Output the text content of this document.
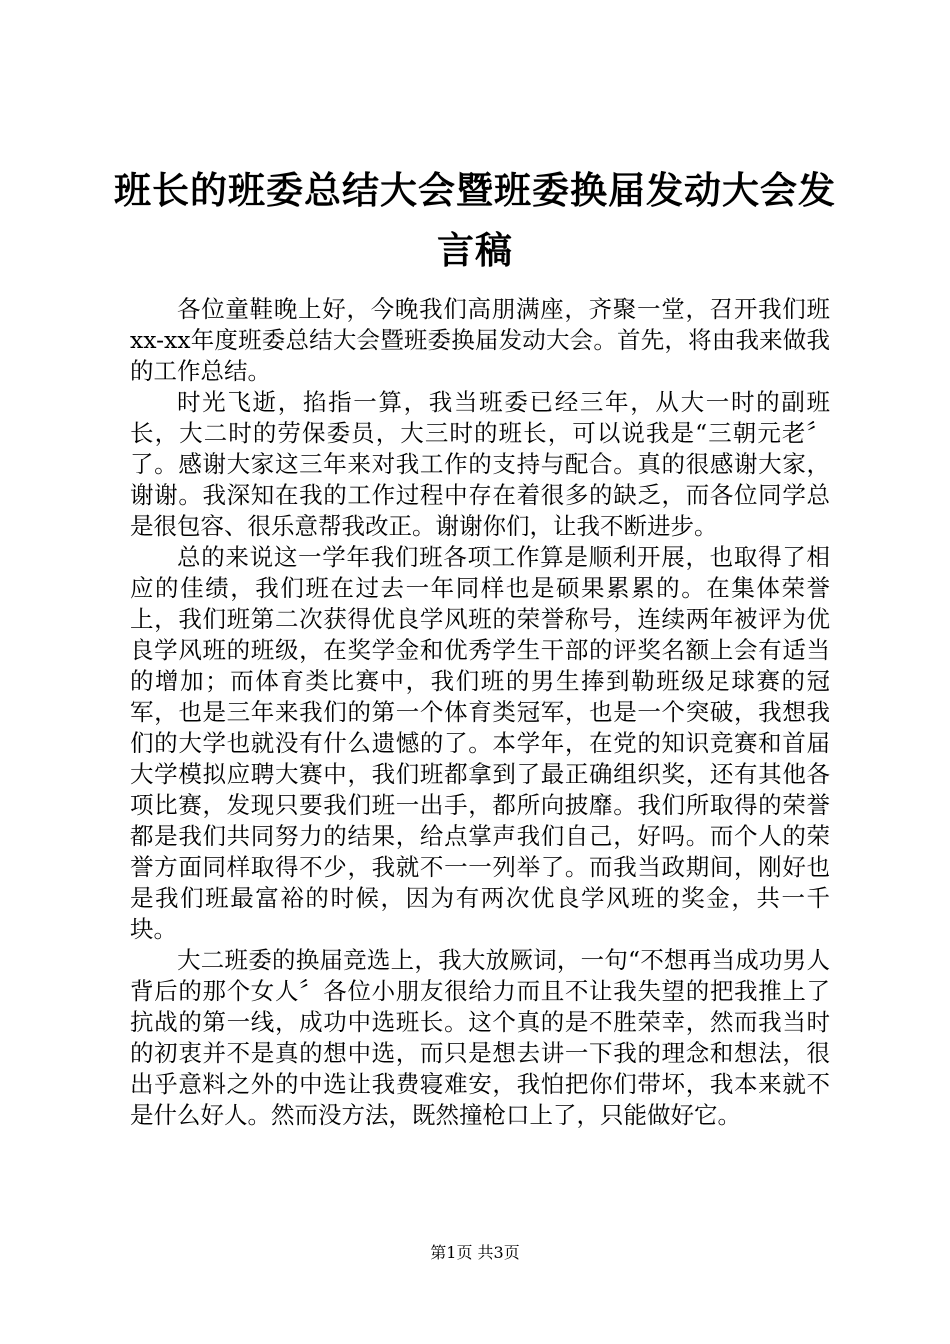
班长的班委总结大会暨班委换届发动大会发言稿

各位童鞋晚上好，今晚我们高朋满座，齐聚一堂，召开我们班xx-xx年度班委总结大会暨班委换届发动大会。首先，将由我来做我的工作总结。

时光飞逝，掐指一算，我当班委已经三年，从大一时的副班长，大二时的劳保委员，大三时的班长，可以说我是“三朝元老〞了。感谢大家这三年来对我工作的支持与配合。真的很感谢大家，谢谢。我深知在我的工作过程中存在着很多的缺乏，而各位同学总是很包容、很乐意帮我改正。谢谢你们，让我不断进步。

总的来说这一学年我们班各项工作算是顺利开展，也取得了相应的佳绩，我们班在过去一年同样也是硕果累累的。在集体荣誉上，我们班第二次获得优良学风班的荣誉称号，连续两年被评为优良学风班的班级，在奖学金和优秀学生干部的评奖名额上会有适当的增加；而体育类比赛中，我们班的男生捧到勒班级足球赛的冠军，也是三年来我们的第一个体育类冠军，也是一个突破，我想我们的大学也就没有什么遗憾的了。本学年，在党的知识竞赛和首届大学模拟应聘大赛中，我们班都拿到了最正确组织奖，还有其他各项比赛，发现只要我们班一出手，都所向披靡。我们所取得的荣誉都是我们共同努力的结果，给点掌声我们自己，好吗。而个人的荣誉方面同样取得不少，我就不一一列举了。而我当政期间，刚好也是我们班最富裕的时候，因为有两次优良学风班的奖金，共一千块。

大二班委的换届竞选上，我大放厥词，一句“不想再当成功男人背后的那个女人〞各位小朋友很给力而且不让我失望的把我推上了抗战的第一线，成功中选班长。这个真的是不胜荣幸，然而我当时的初衷并不是真的想中选，而只是想去讲一下我的理念和想法，很出乎意料之外的中选让我费寝难安，我怕把你们带坏，我本来就不是什么好人。然而没方法，既然撞枪口上了，只能做好它。

第1页 共3页
